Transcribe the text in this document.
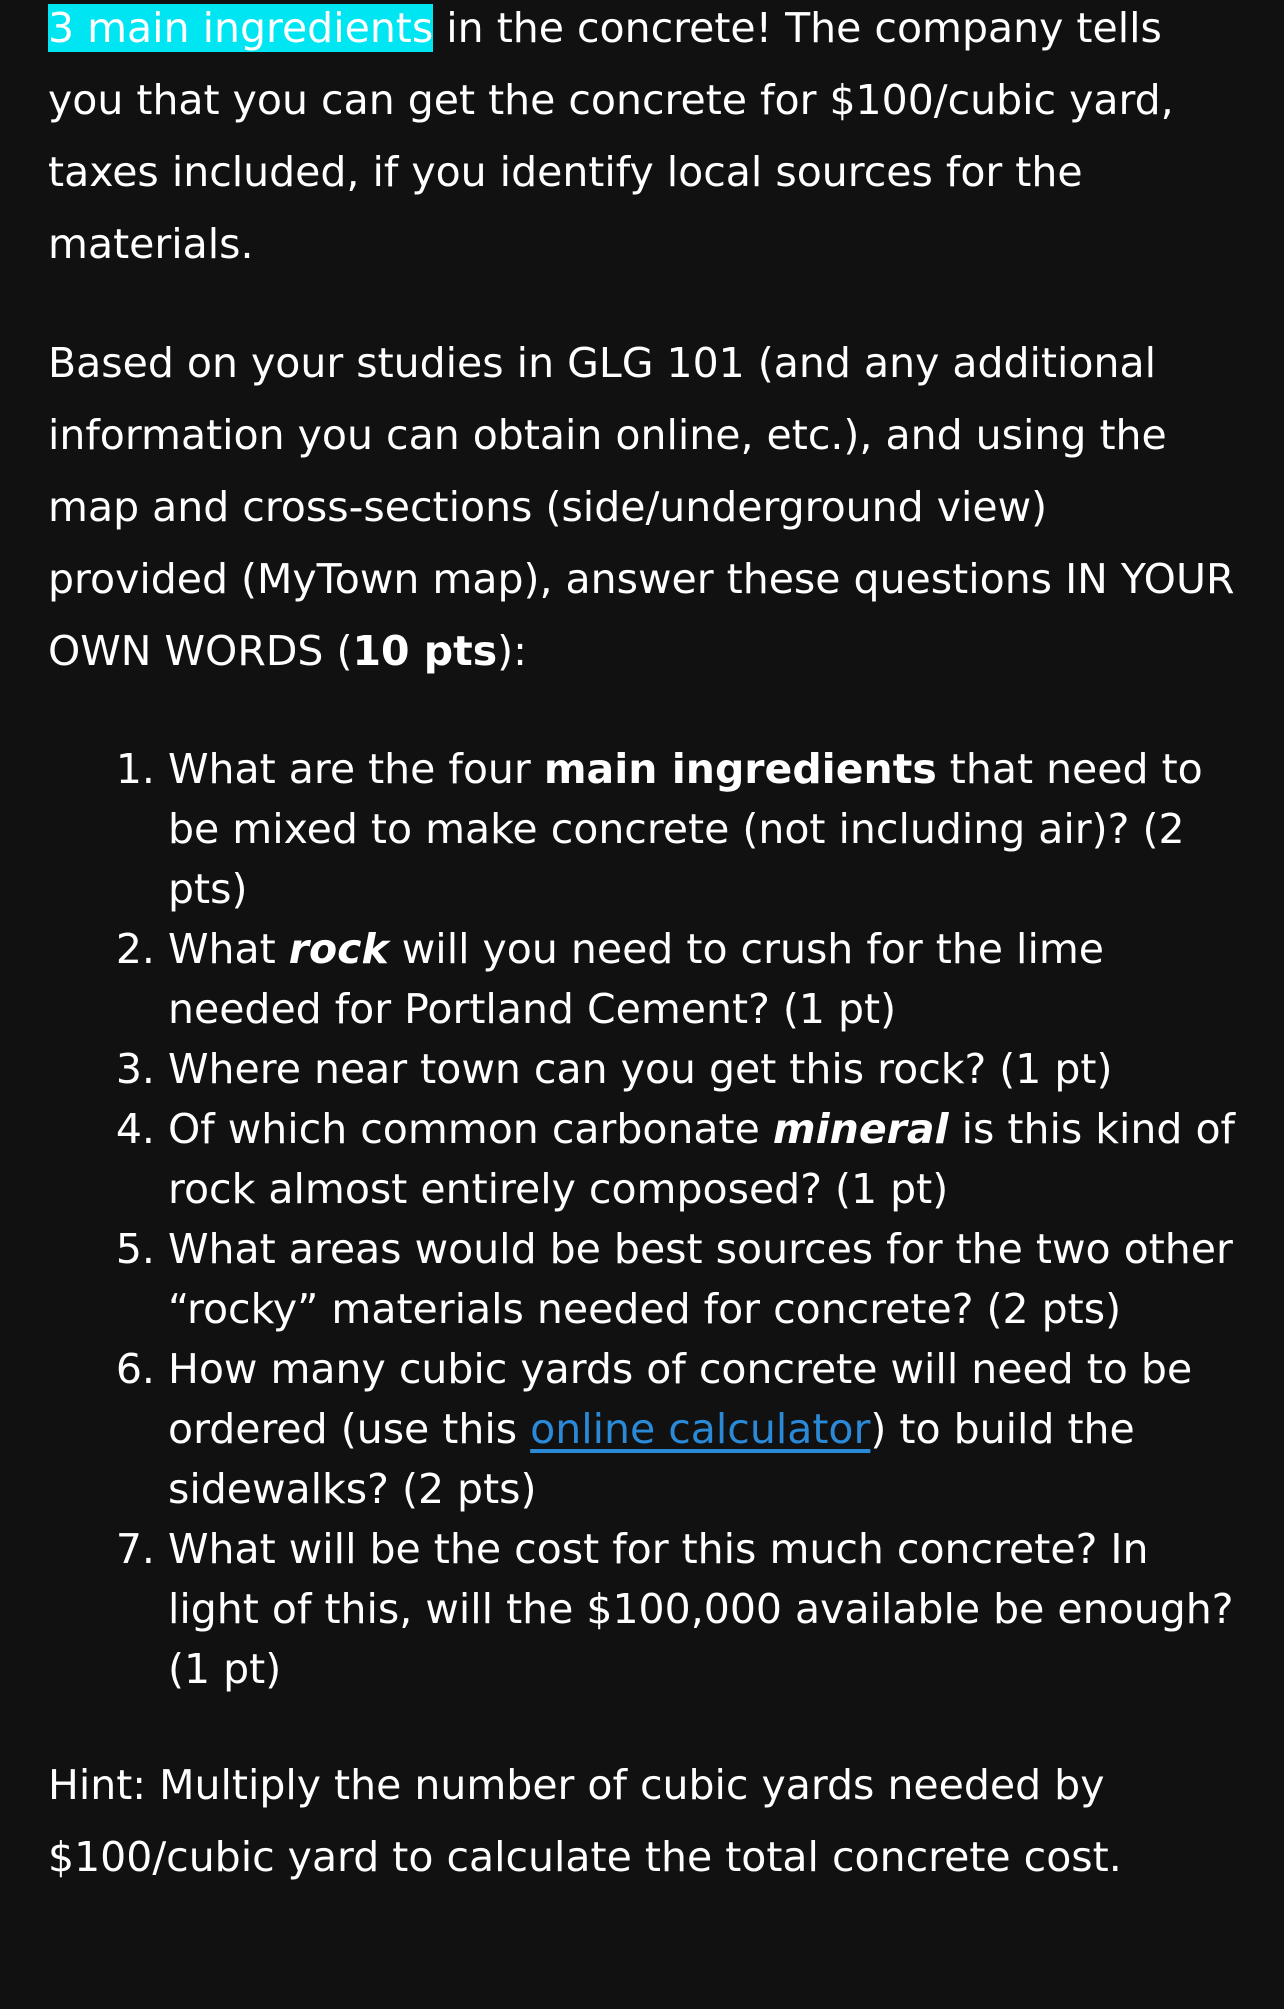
3 main ingredients in the concrete! The company tells you that you can get the concrete for $100/cubic yard, taxes included, if you identify local sources for the materials.

Based on your studies in GLG 101 (and any additional information you can obtain online, etc.), and using the map and cross-sections (side/underground view) provided (MyTown map), answer these questions IN YOUR OWN WORDS (10 pts):

1. What are the four main ingredients that need to be mixed to make concrete (not including air)? (2 pts)
2. What rock will you need to crush for the lime needed for Portland Cement? (1 pt)
3. Where near town can you get this rock? (1 pt)
4. Of which common carbonate mineral is this kind of rock almost entirely composed? (1 pt)
5. What areas would be best sources for the two other “rocky” materials needed for concrete? (2 pts)
6. How many cubic yards of concrete will need to be ordered (use this online calculator) to build the sidewalks? (2 pts)
7. What will be the cost for this much concrete? In light of this, will the $100,000 available be enough? (1 pt)

Hint: Multiply the number of cubic yards needed by $100/cubic yard to calculate the total concrete cost.
